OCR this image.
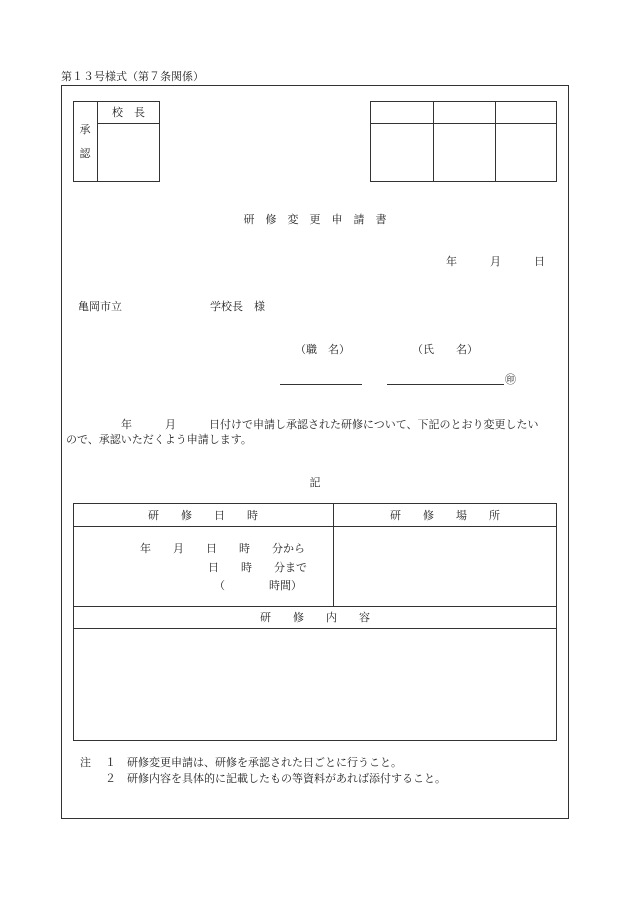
第１３号様式（第７条関係）
承

認
校　長
研　修　変　更　申　請　書
年　　　月　　　日
亀岡市立　　　　　　　　学校長　様
（職　名）	（氏　　名）
㊞
　　　　　年　　　月　　　日付けで申請し承認された研修について、下記のとおり変更したい
ので、承認いただくよう申請します。
記
研　　修　　日　　時	研　　修　　場　　所
年　　月　　日　　時　　分から
日　　時　　分まで
（　　　　時間）
研　　修　　内　　容
注 １ 研修変更申請は、研修を承認された日ごとに行うこと。
２ 研修内容を具体的に記載したもの等資料があれば添付すること。
